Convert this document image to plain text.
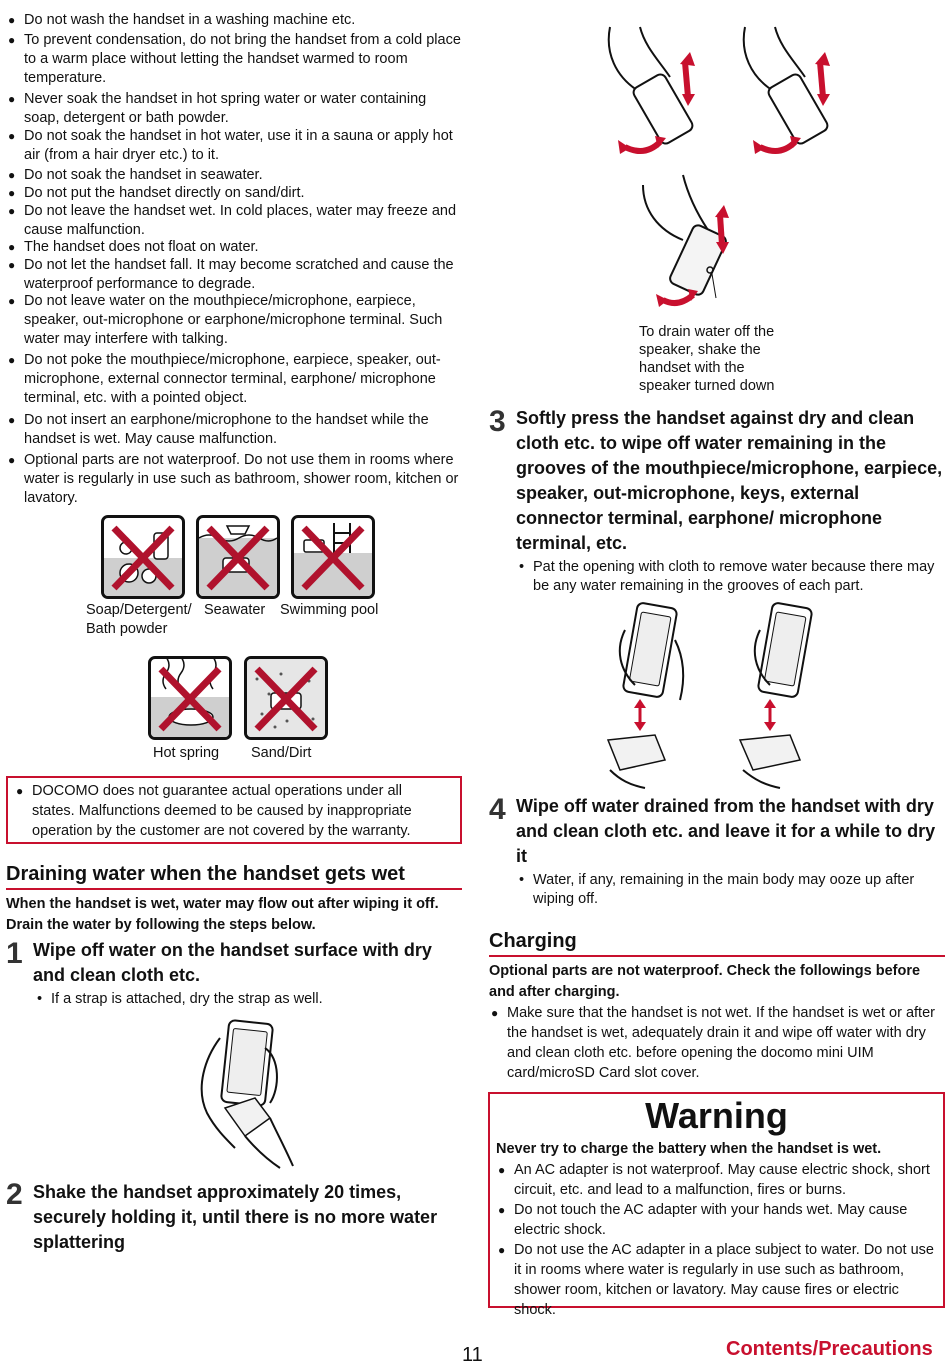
● Do not wash the handset in a washing machine etc.
● To prevent condensation, do not bring the handset from a cold place to a warm place without letting the handset warmed to room temperature.
● Never soak the handset in hot spring water or water containing soap, detergent or bath powder.
● Do not soak the handset in hot water, use it in a sauna or apply hot air (from a hair dryer etc.) to it.
● Do not soak the handset in seawater.
● Do not put the handset directly on sand/dirt.
● Do not leave the handset wet. In cold places, water may freeze and cause malfunction.
● The handset does not float on water.
● Do not let the handset fall. It may become scratched and cause the waterproof performance to degrade.
● Do not leave water on the mouthpiece/microphone, earpiece, speaker, out-microphone or earphone/microphone terminal. Such water may interfere with talking.
● Do not poke the mouthpiece/microphone, earpiece, speaker, out-microphone, external connector terminal, earphone/ microphone terminal, etc. with a pointed object.
● Do not insert an earphone/microphone to the handset while the handset is wet. May cause malfunction.
● Optional parts are not waterproof. Do not use them in rooms where water is regularly in use such as bathroom, shower room, kitchen or lavatory.
Soap/Detergent/ Bath powder
Seawater Swimming pool
Hot spring Sand/Dirt
● DOCOMO does not guarantee actual operations under all states. Malfunctions deemed to be caused by inappropriate operation by the customer are not covered by the warranty.
Draining water when the handset gets wet
When the handset is wet, water may flow out after wiping it off. Drain the water by following the steps below.
1 Wipe off water on the handset surface with dry and clean cloth etc.
• If a strap is attached, dry the strap as well.
2 Shake the handset approximately 20 times, securely holding it, until there is no more water splattering
To drain water off the speaker, shake the handset with the speaker turned down
3 Softly press the handset against dry and clean cloth etc. to wipe off water remaining in the grooves of the mouthpiece/microphone, earpiece, speaker, out-microphone, keys, external connector terminal, earphone/ microphone terminal, etc.
• Pat the opening with cloth to remove water because there may be any water remaining in the grooves of each part.
4 Wipe off water drained from the handset with dry and clean cloth etc. and leave it for a while to dry it
• Water, if any, remaining in the main body may ooze up after wiping off.
Charging
Optional parts are not waterproof. Check the followings before and after charging.
● Make sure that the handset is not wet. If the handset is wet or after the handset is wet, adequately drain it and wipe off water with dry and clean cloth etc. before opening the docomo mini UIM card/microSD Card slot cover.
Warning
Never try to charge the battery when the handset is wet.
● An AC adapter is not waterproof. May cause electric shock, short circuit, etc. and lead to a malfunction, fires or burns.
● Do not touch the AC adapter with your hands wet. May cause electric shock.
● Do not use the AC adapter in a place subject to water. Do not use it in rooms where water is regularly in use such as bathroom, shower room, kitchen or lavatory. May cause fires or electric shock.
11	Contents/Precautions
